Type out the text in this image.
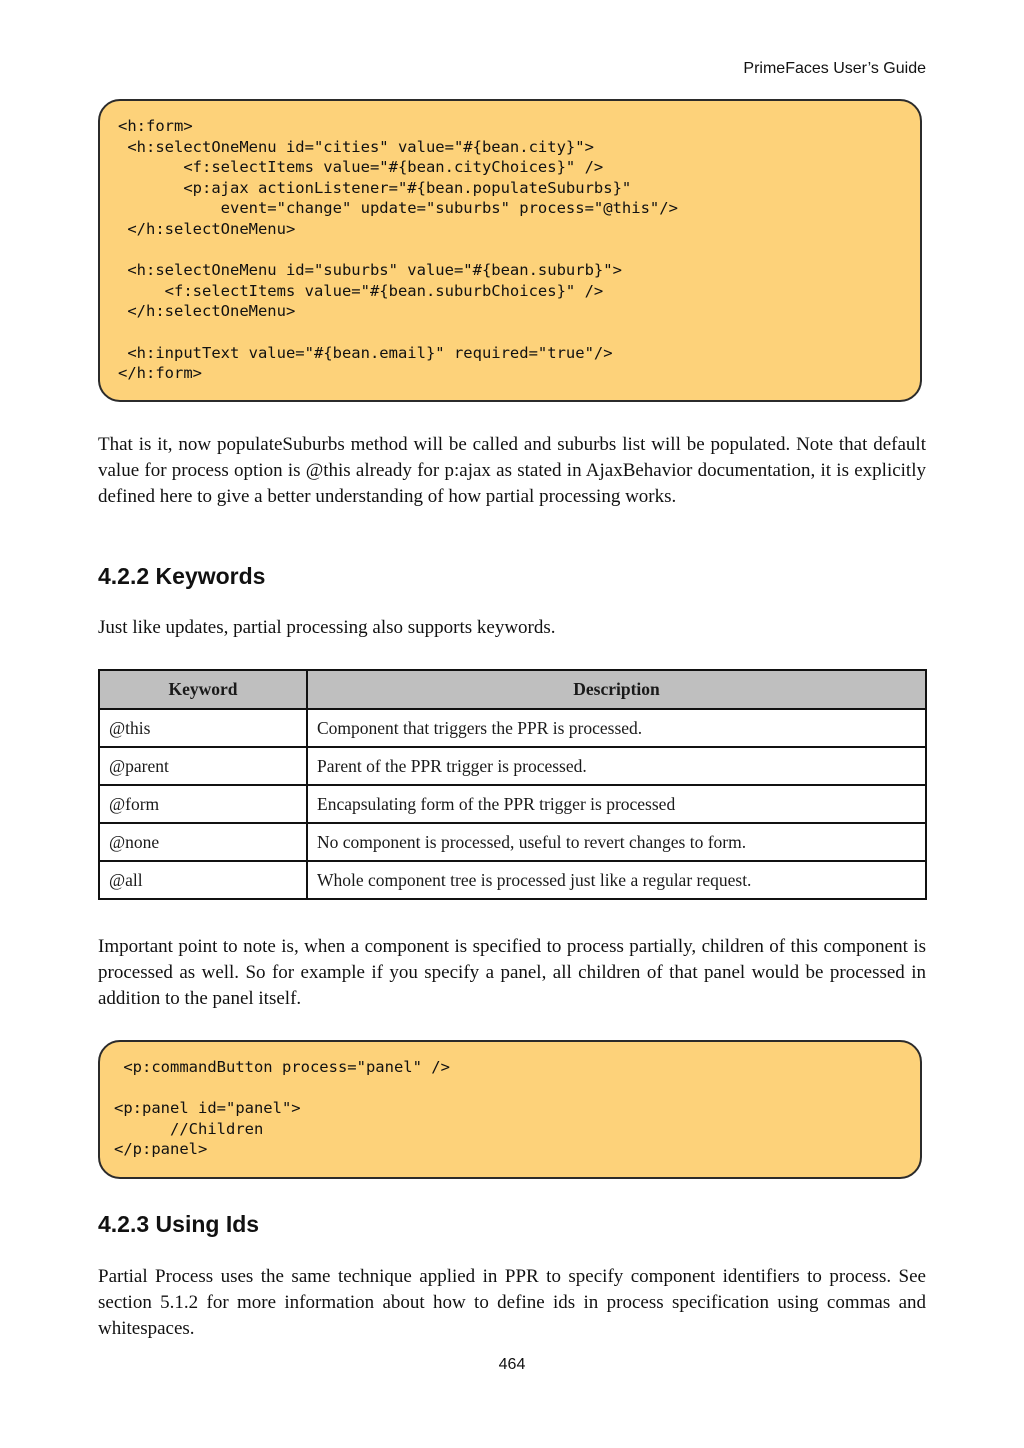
PrimeFaces User’s Guide
<h:form>
<h:selectOneMenu id="cities" value="#{bean.city}">
<f:selectItems value="#{bean.cityChoices}" />
<p:ajax actionListener="#{bean.populateSuburbs}"
event="change" update="suburbs" process="@this"/>
</h:selectOneMenu>
<h:selectOneMenu id="suburbs" value="#{bean.suburb}">
<f:selectItems value="#{bean.suburbChoices}" />
</h:selectOneMenu>
<h:inputText value="#{bean.email}" required="true"/>
</h:form>

That is it, now populateSuburbs method will be called and suburbs list will be populated. Note that default value for process option is @this already for p:ajax as stated in AjaxBehavior documentation, it is explicitly defined here to give a better understanding of how partial processing works.

4.2.2 Keywords

Just like updates, partial processing also supports keywords.

Keyword	Description
@this	Component that triggers the PPR is processed.
@parent	Parent of the PPR trigger is processed.
@form	Encapsulating form of the PPR trigger is processed
@none	No component is processed, useful to revert changes to form.
@all	Whole component tree is processed just like a regular request.

Important point to note is, when a component is specified to process partially, children of this component is processed as well. So for example if you specify a panel, all children of that panel would be processed in addition to the panel itself.

<p:commandButton process="panel" />
<p:panel id="panel">
//Children
</p:panel>
4.2.3 Using Ids

Partial Process uses the same technique applied in PPR to specify component identifiers to process. See section 5.1.2 for more information about how to define ids in process specification using commas and whitespaces.

464
